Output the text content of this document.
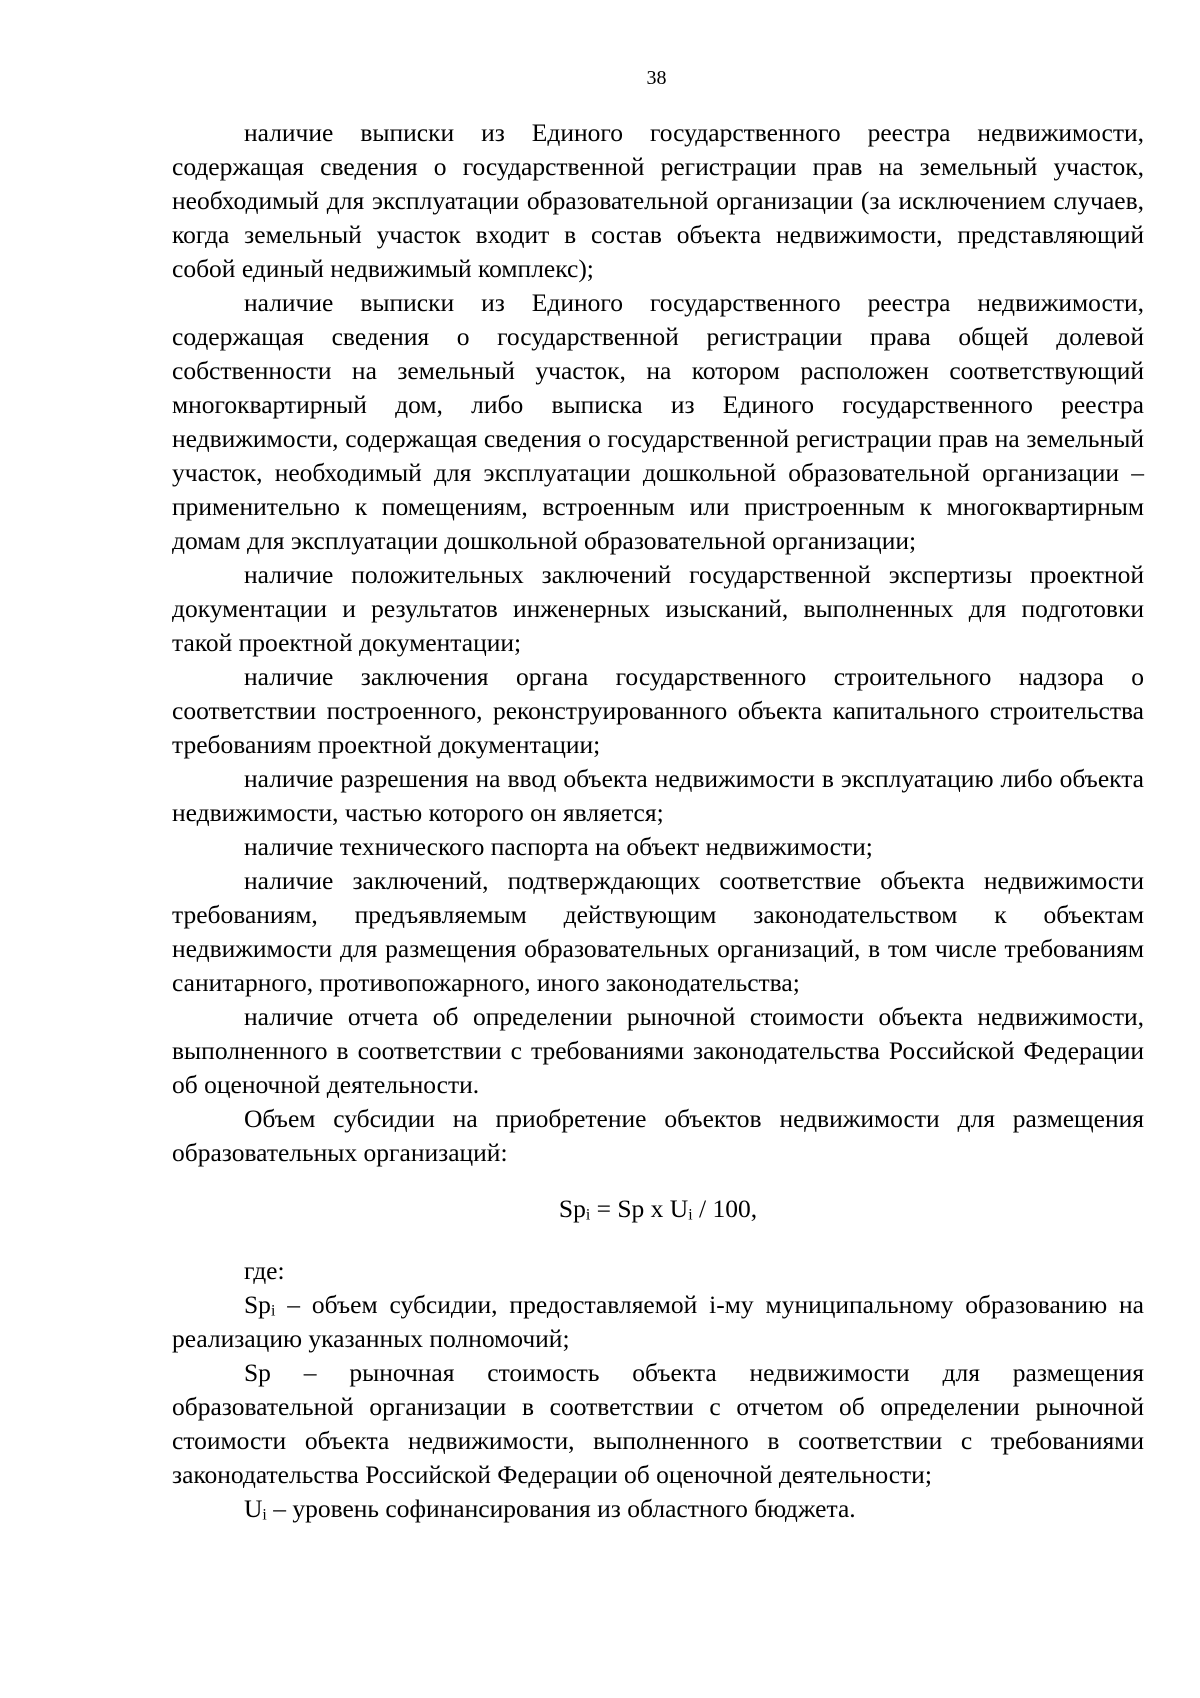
38

наличие выписки из Единого государственного реестра недвижимости, содержащая сведения о государственной регистрации прав на земельный участок, необходимый для эксплуатации образовательной организации (за исключением случаев, когда земельный участок входит в состав объекта недвижимости, представляющий собой единый недвижимый комплекс);

наличие выписки из Единого государственного реестра недвижимости, содержащая сведения о государственной регистрации права общей долевой собственности на земельный участок, на котором расположен соответствующий многоквартирный дом, либо выписка из Единого государственного реестра недвижимости, содержащая сведения о государственной регистрации прав на земельный участок, необходимый для эксплуатации дошкольной образовательной организации – применительно к помещениям, встроенным или пристроенным к многоквартирным домам для эксплуатации дошкольной образовательной организации;

наличие положительных заключений государственной экспертизы проектной документации и результатов инженерных изысканий, выполненных для подготовки такой проектной документации;

наличие заключения органа государственного строительного надзора о соответствии построенного, реконструированного объекта капитального строительства требованиям проектной документации;

наличие разрешения на ввод объекта недвижимости в эксплуатацию либо объекта недвижимости, частью которого он является;

наличие технического паспорта на объект недвижимости;

наличие заключений, подтверждающих соответствие объекта недвижимости требованиям, предъявляемым действующим законодательством к объектам недвижимости для размещения образовательных организаций, в том числе требованиям санитарного, противопожарного, иного законодательства;

наличие отчета об определении рыночной стоимости объекта недвижимости, выполненного в соответствии с требованиями законодательства Российской Федерации об оценочной деятельности.

Объем субсидии на приобретение объектов недвижимости для размещения образовательных организаций:

$Sp_i = Sp$ x $U_i / 100$,

где:

$Sp_i$ – объем субсидии, предоставляемой i-му муниципальному образованию на реализацию указанных полномочий;

Sp – рыночная стоимость объекта недвижимости для размещения образовательной организации в соответствии с отчетом об определении рыночной стоимости объекта недвижимости, выполненного в соответствии с требованиями законодательства Российской Федерации об оценочной деятельности;

$U_i$ – уровень софинансирования из областного бюджета.
